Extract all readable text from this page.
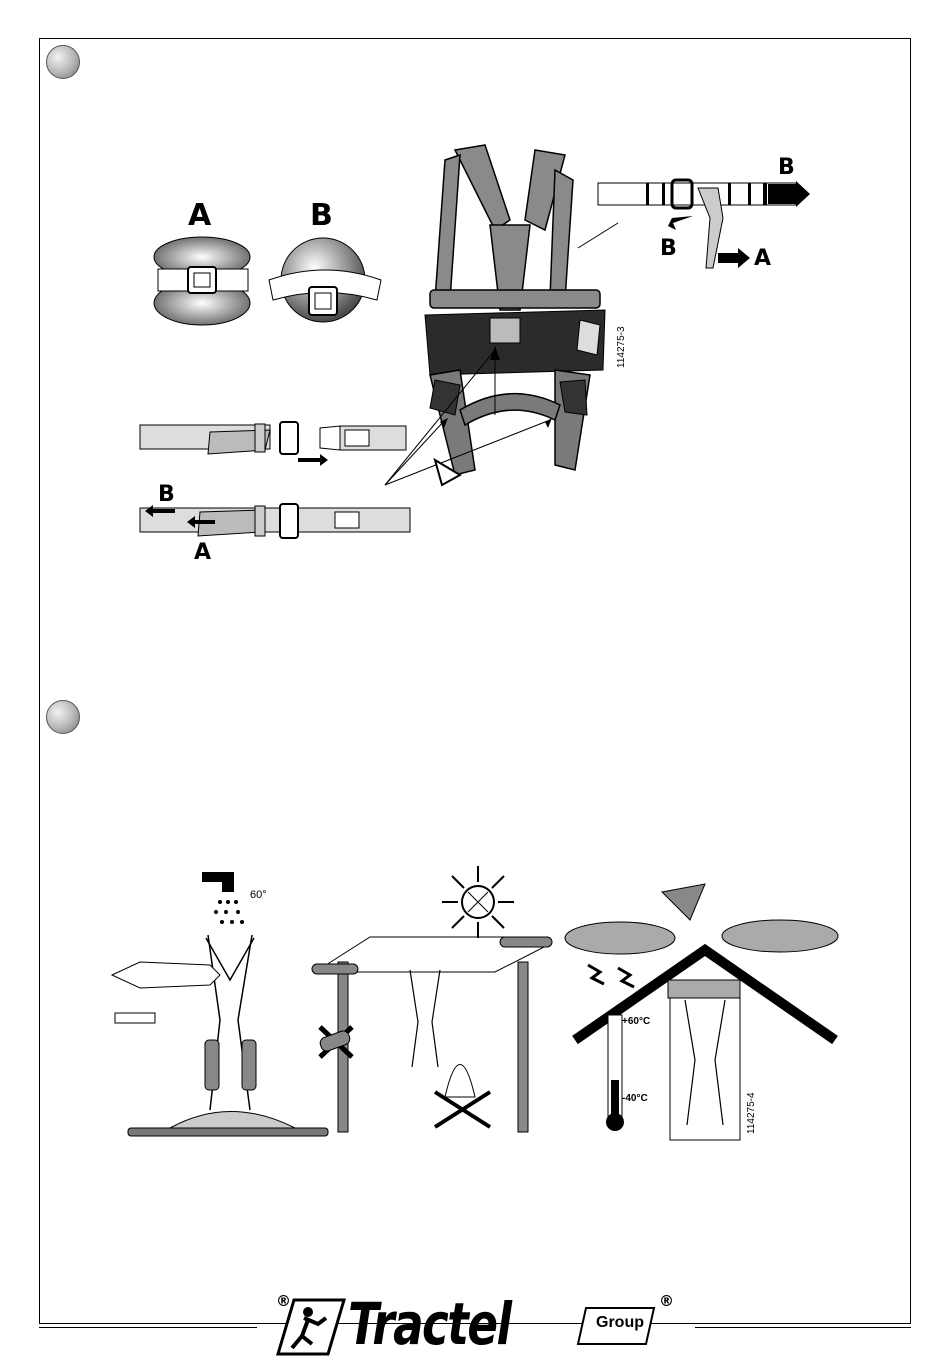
A	B
114275-3
B
B	A
B
A
60°
+60°C
-40°C	114275-4
Tractel	Group
®	®
